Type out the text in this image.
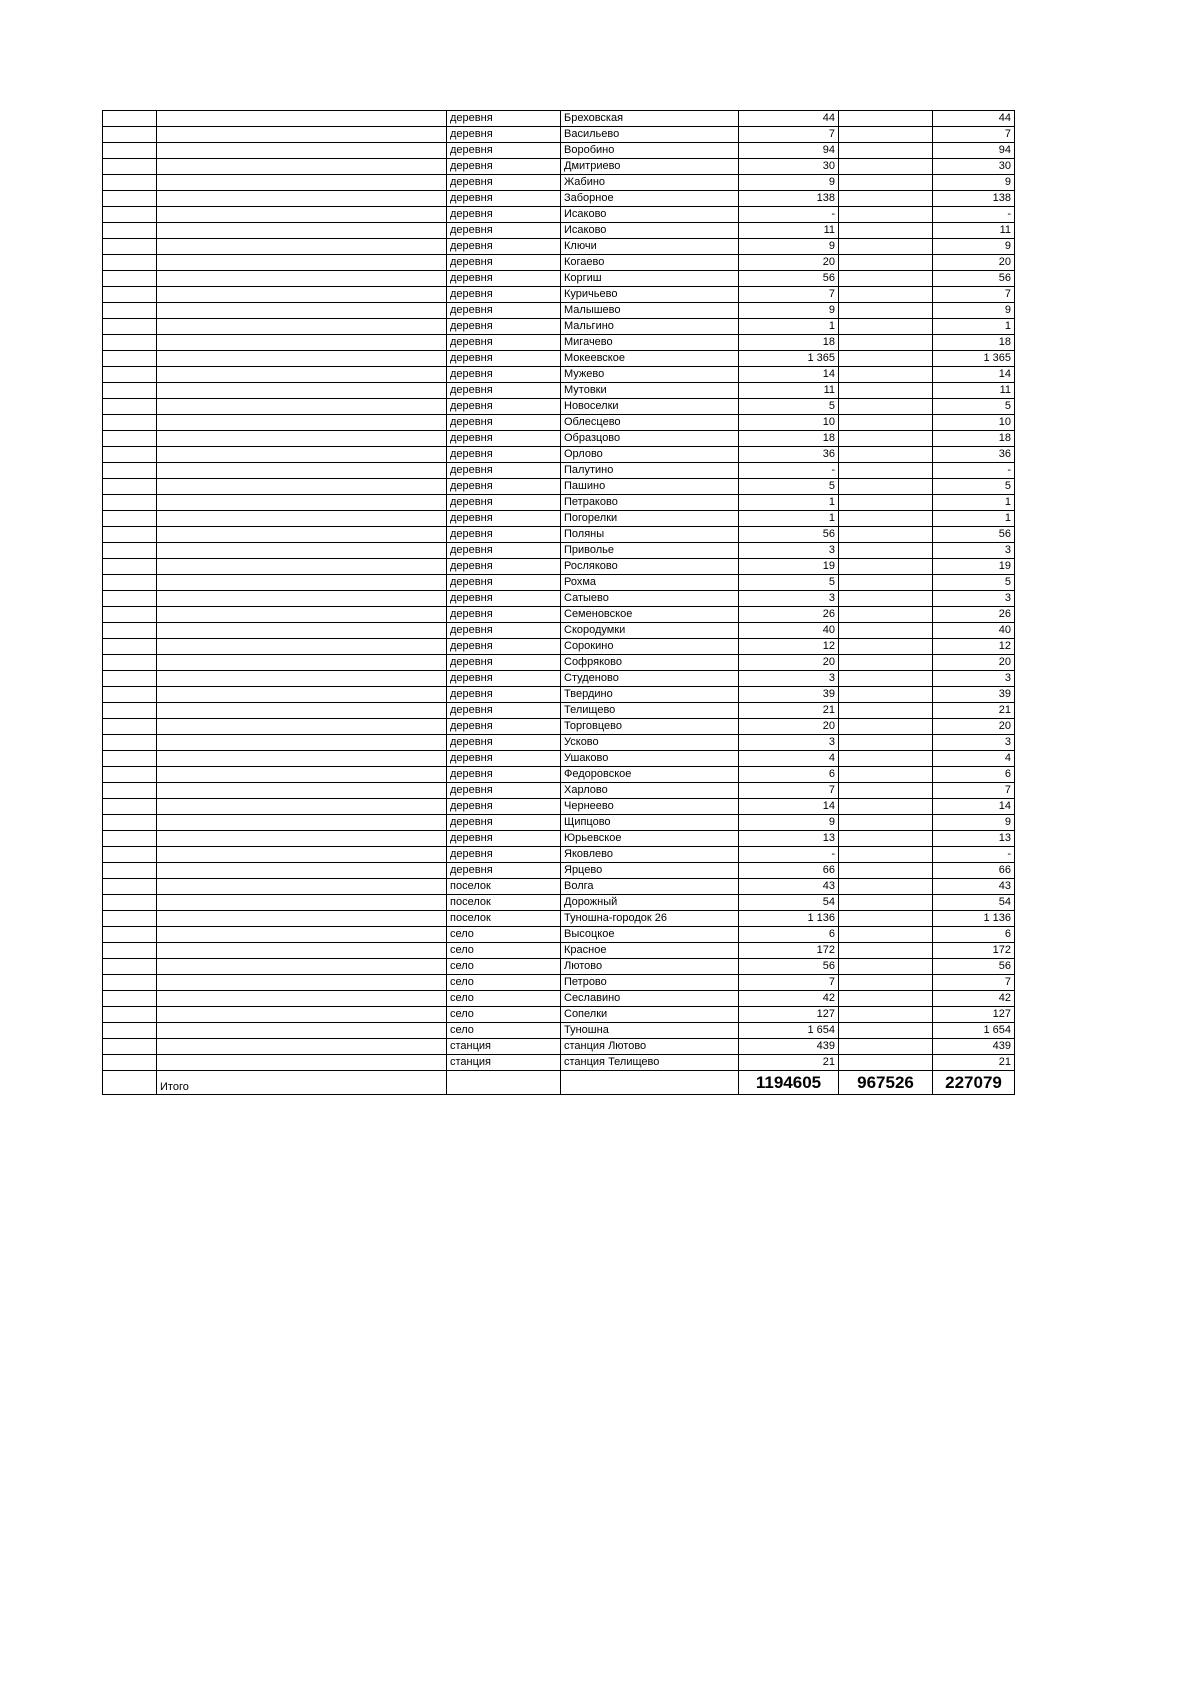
		деревня	Бреховская	44		44
		деревня	Васильево	7		7
		деревня	Воробино	94		94
		деревня	Дмитриево	30		30
		деревня	Жабино	9		9
		деревня	Заборное	138		138
		деревня	Исаково	-		-
		деревня	Исаково	11		11
		деревня	Ключи	9		9
		деревня	Когаево	20		20
		деревня	Коргиш	56		56
		деревня	Куричьево	7		7
		деревня	Малышево	9		9
		деревня	Мальгино	1		1
		деревня	Мигачево	18		18
		деревня	Мокеевское	1 365		1 365
		деревня	Мужево	14		14
		деревня	Мутовки	11		11
		деревня	Новоселки	5		5
		деревня	Облесцево	10		10
		деревня	Образцово	18		18
		деревня	Орлово	36		36
		деревня	Палутино	-		-
		деревня	Пашино	5		5
		деревня	Петраково	1		1
		деревня	Погорелки	1		1
		деревня	Поляны	56		56
		деревня	Приволье	3		3
		деревня	Росляково	19		19
		деревня	Рохма	5		5
		деревня	Сатыево	3		3
		деревня	Семеновское	26		26
		деревня	Скородумки	40		40
		деревня	Сорокино	12		12
		деревня	Софряково	20		20
		деревня	Студеново	3		3
		деревня	Твердино	39		39
		деревня	Телищево	21		21
		деревня	Торговцево	20		20
		деревня	Усково	3		3
		деревня	Ушаково	4		4
		деревня	Федоровское	6		6
		деревня	Харлово	7		7
		деревня	Чернеево	14		14
		деревня	Щипцово	9		9
		деревня	Юрьевское	13		13
		деревня	Яковлево	-		-
		деревня	Ярцево	66		66
		поселок	Волга	43		43
		поселок	Дорожный	54		54
		поселок	Туношна-городок 26	1 136		1 136
		село	Высоцкое	6		6
		село	Красное	172		172
		село	Лютово	56		56
		село	Петрово	7		7
		село	Сеславино	42		42
		село	Сопелки	127		127
		село	Туношна	1 654		1 654
		станция	станция Лютово	439		439
		станция	станция Телищево	21		21
	Итого			1194605	967526	227079
